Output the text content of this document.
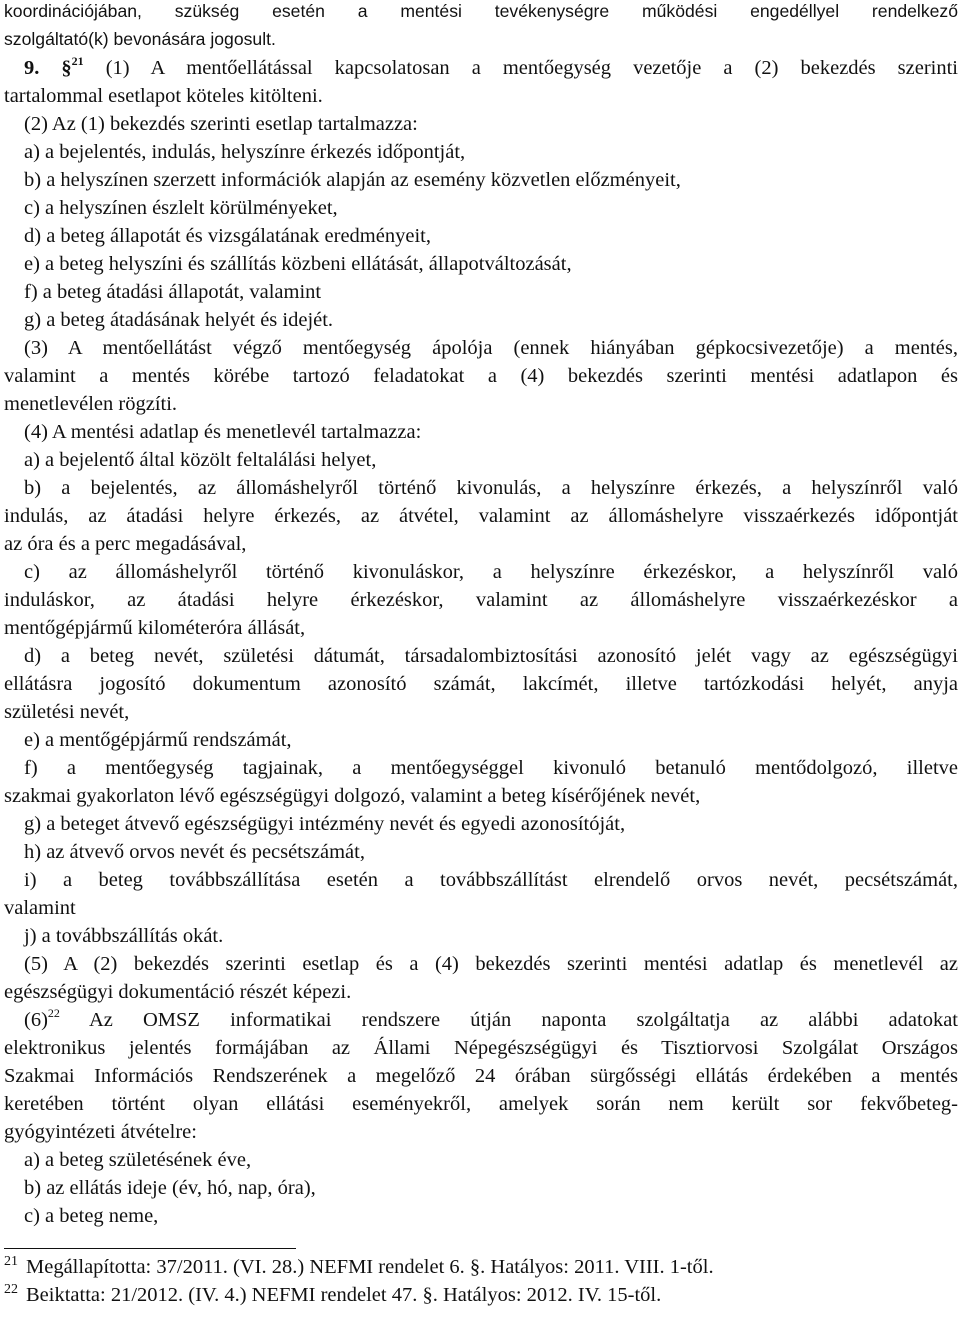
koordinációjában, szükség esetén a mentési tevékenységre működési engedéllyel rendelkező
szolgáltató(k) bevonására jogosult.
9. §$^{21}$ (1) A mentőellátással kapcsolatosan a mentőegység vezetője a (2) bekezdés szerinti
tartalommal esetlapot köteles kitölteni.
(2) Az (1) bekezdés szerinti esetlap tartalmazza:
a) a bejelentés, indulás, helyszínre érkezés időpontját,
b) a helyszínen szerzett információk alapján az esemény közvetlen előzményeit,
c) a helyszínen észlelt körülményeket,
d) a beteg állapotát és vizsgálatának eredményeit,
e) a beteg helyszíni és szállítás közbeni ellátását, állapotváltozását,
f) a beteg átadási állapotát, valamint
g) a beteg átadásának helyét és idejét.
(3) A mentőellátást végző mentőegység ápolója (ennek hiányában gépkocsivezetője) a mentés,
valamint a mentés körébe tartozó feladatokat a (4) bekezdés szerinti mentési adatlapon és
menetlevélen rögzíti.
(4) A mentési adatlap és menetlevél tartalmazza:
a) a bejelentő által közölt feltalálási helyet,
b) a bejelentés, az állomáshelyről történő kivonulás, a helyszínre érkezés, a helyszínről való
indulás, az átadási helyre érkezés, az átvétel, valamint az állomáshelyre visszaérkezés időpontját
az óra és a perc megadásával,
c) az állomáshelyről történő kivonuláskor, a helyszínre érkezéskor, a helyszínről való
induláskor, az átadási helyre érkezéskor, valamint az állomáshelyre visszaérkezéskor a
mentőgépjármű kilométeróra állását,
d) a beteg nevét, születési dátumát, társadalombiztosítási azonosító jelét vagy az egészségügyi
ellátásra jogosító dokumentum azonosító számát, lakcímét, illetve tartózkodási helyét, anyja
születési nevét,
e) a mentőgépjármű rendszámát,
f) a mentőegység tagjainak, a mentőegységgel kivonuló betanuló mentődolgozó, illetve
szakmai gyakorlaton lévő egészségügyi dolgozó, valamint a beteg kísérőjének nevét,
g) a beteget átvevő egészségügyi intézmény nevét és egyedi azonosítóját,
h) az átvevő orvos nevét és pecsétszámát,
i) a beteg továbbszállítása esetén a továbbszállítást elrendelő orvos nevét, pecsétszámát,
valamint
j) a továbbszállítás okát.
(5) A (2) bekezdés szerinti esetlap és a (4) bekezdés szerinti mentési adatlap és menetlevél az
egészségügyi dokumentáció részét képezi.
$(6)^{22}$ Az OMSZ informatikai rendszere útján naponta szolgáltatja az alábbi adatokat
elektronikus jelentés formájában az Állami Népegészségügyi és Tisztiorvosi Szolgálat Országos
Szakmai Információs Rendszerének a megelőző 24 órában sürgősségi ellátás érdekében a mentés
keretében történt olyan ellátási eseményekről, amelyek során nem került sor fekvőbeteg-
gyógyintézeti átvételre:
a) a beteg születésének éve,
b) az ellátás ideje (év, hó, nap, óra),
c) a beteg neme,
21 Megállapította: 37/2011. (VI. 28.) NEFMI rendelet 6. §. Hatályos: 2011. VIII. 1-től.
22 Beiktatta: 21/2012. (IV. 4.) NEFMI rendelet 47. §. Hatályos: 2012. IV. 15-től.
